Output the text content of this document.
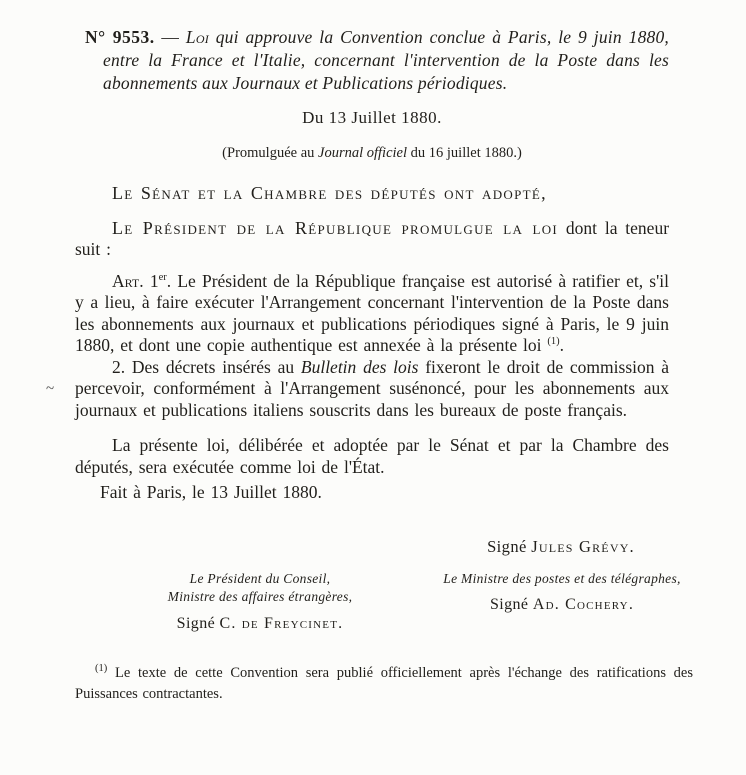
~

N° 9553. — Loi qui approuve la Convention conclue à Paris, le 9 juin 1880, entre la France et l'Italie, concernant l'intervention de la Poste dans les abonnements aux Journaux et Publications périodiques.

Du 13 Juillet 1880.

(Promulguée au Journal officiel du 16 juillet 1880.)

Le Sénat et la Chambre des députés ont adopté,

Le Président de la République promulgue la loi dont la teneur suit :

Art. 1er. Le Président de la République française est autorisé à ratifier et, s'il y a lieu, à faire exécuter l'Arrangement concernant l'intervention de la Poste dans les abonnements aux journaux et publications périodiques signé à Paris, le 9 juin 1880, et dont une copie authentique est annexée à la présente loi $^{(1)}$.

2. Des décrets insérés au Bulletin des lois fixeront le droit de commission à percevoir, conformément à l'Arrangement susénoncé, pour les abonnements aux journaux et publications italiens souscrits dans les bureaux de poste français.

La présente loi, délibérée et adoptée par le Sénat et par la Chambre des députés, sera exécutée comme loi de l'État.

Fait à Paris, le 13 Juillet 1880.

Signé Jules Grévy.
Le Président du Conseil,
Ministre des affaires étrangères,
Signé C. de Freycinet.
Le Ministre des postes et des télégraphes,
Signé Ad. Cochery.

$^{(1)}$ Le texte de cette Convention sera publié officiellement après l'échange des ratifications des Puissances contractantes.
